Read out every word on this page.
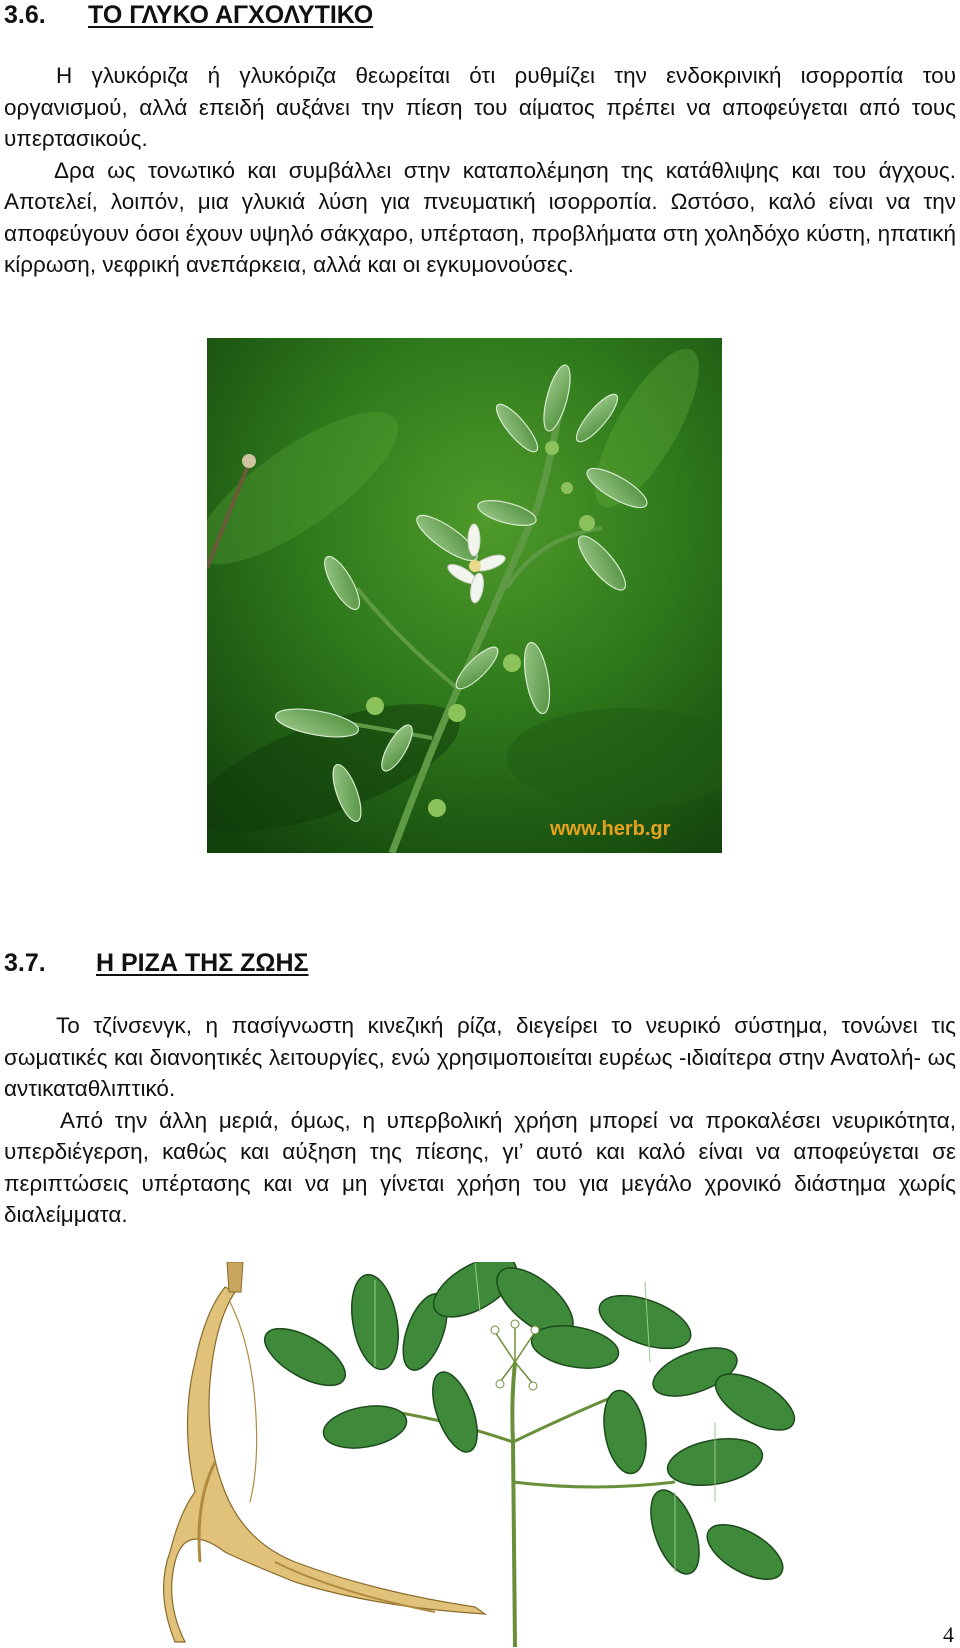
3.6. ΤΟ ΓΛΥΚΟ ΑΓΧΟΛΥΤΙΚΟ

Η γλυκόριζα ή γλυκόριζα θεωρείται ότι ρυθμίζει την ενδοκρινική ισορροπία του οργανισμού, αλλά επειδή αυξάνει την πίεση του αίματος πρέπει να αποφεύγεται από τους υπερτασικούς.

Δρα ως τονωτικό και συμβάλλει στην καταπολέμηση της κατάθλιψης και του άγχους. Αποτελεί, λοιπόν, μια γλυκιά λύση για πνευματική ισορροπία. Ωστόσο, καλό είναι να την αποφεύγουν όσοι έχουν υψηλό σάκχαρο, υπέρταση, προβλήματα στη χοληδόχο κύστη, ηπατική κίρρωση, νεφρική ανεπάρκεια, αλλά και οι εγκυμονούσες.

www.herb.gr
3.7. Η ΡΙΖΑ ΤΗΣ ΖΩΗΣ

Το τζίνσενγκ, η πασίγνωστη κινεζική ρίζα, διεγείρει το νευρικό σύστημα, τονώνει τις σωματικές και διανοητικές λειτουργίες, ενώ χρησιμοποιείται ευρέως -ιδιαίτερα στην Ανατολή- ως αντικαταθλιπτικό.

Από την άλλη μεριά, όμως, η υπερβολική χρήση μπορεί να προκαλέσει νευρικότητα, υπερδιέγερση, καθώς και αύξηση της πίεσης, γι’ αυτό και καλό είναι να αποφεύγεται σε περιπτώσεις υπέρτασης και να μη γίνεται χρήση του για μεγάλο χρονικό διάστημα χωρίς διαλείμματα.

4
